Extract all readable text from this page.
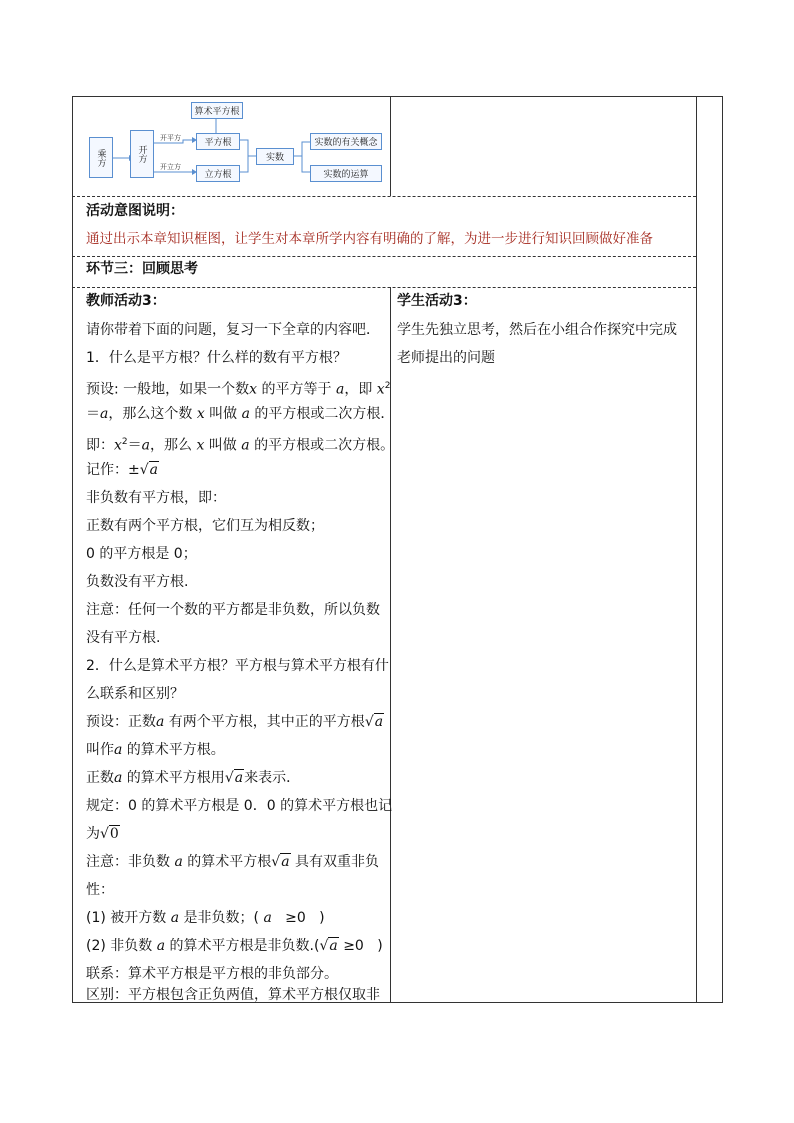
算术平方根
乘方	开方
开平方
开立方
平方根
立方根
实数
实数的有关概念
实数的运算
活动意图说明：
通过出示本章知识框图，让学生对本章所学内容有明确的了解，为进一步进行知识回顾做好准备
环节三：回顾思考
教师活动3：
请你带着下面的问题，复习一下全章的内容吧．
1．什么是平方根？什么样的数有平方根？
预设: 一般地，如果一个数x 的平方等于 a，即 $x^2$
＝a，那么这个数 x 叫做 a 的平方根或二次方根．
即：$x^2=a$，那么 x 叫做 a 的平方根或二次方根。
记作：±√a
非负数有平方根，即：
正数有两个平方根，它们互为相反数；
0 的平方根是 0；
负数没有平方根.
注意：任何一个数的平方都是非负数，所以负数
没有平方根.
2．什么是算术平方根？平方根与算术平方根有什
么联系和区别？
预设：正数a 有两个平方根，其中正的平方根√a
叫作a 的算术平方根。
正数a 的算术平方根用√a来表示．
规定：0 的算术平方根是 0．0 的算术平方根也记
为√0
注意：非负数 a 的算术平方根√a 具有双重非负
性：
(1) 被开方数 a 是非负数；( a   ≥0   )
(2) 非负数 a 的算术平方根是非负数.(√a ≥0   )
联系：算术平方根是平方根的非负部分。
区别：平方根包含正负两值，算术平方根仅取非
学生活动3：
学生先独立思考，然后在小组合作探究中完成
老师提出的问题
